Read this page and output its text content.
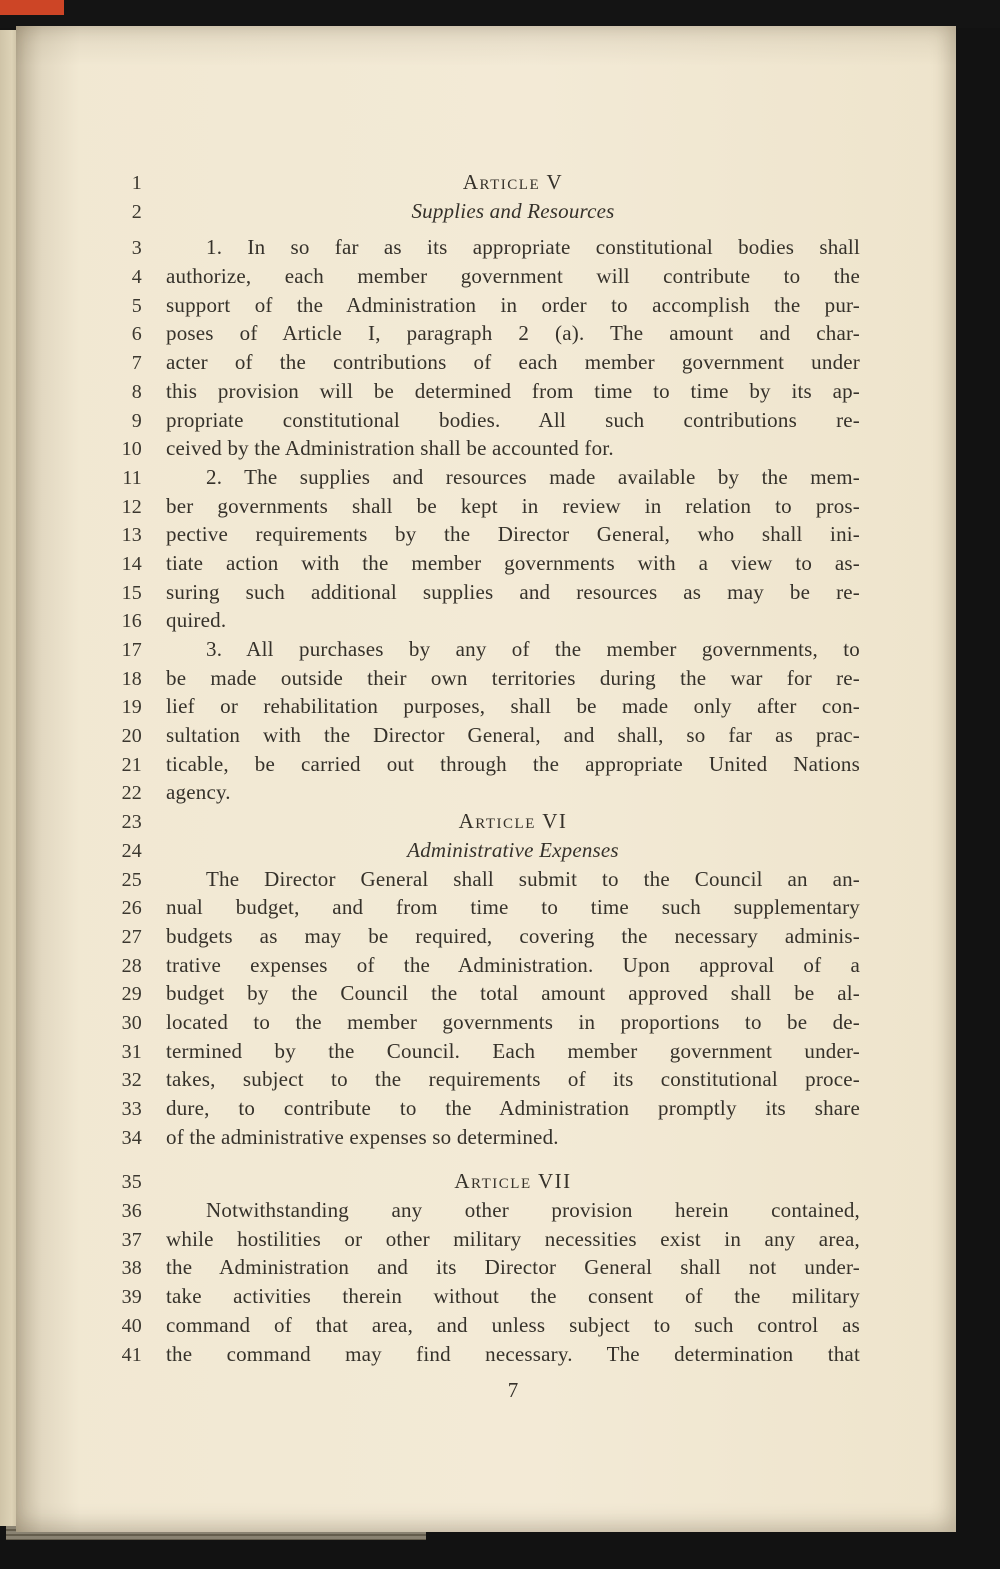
1	Article V
2	Supplies and Resources
3	1. In so far as its appropriate constitutional bodies shall
4 authorize, each member government will contribute to the
5 support of the Administration in order to accomplish the pur-
6 poses of Article I, paragraph 2 (a). The amount and char-
7 acter of the contributions of each member government under
8 this provision will be determined from time to time by its ap-
9 propriate constitutional bodies. All such contributions re-
10 ceived by the Administration shall be accounted for.
11	2. The supplies and resources made available by the mem-
12 ber governments shall be kept in review in relation to pros-
13 pective requirements by the Director General, who shall ini-
14 tiate action with the member governments with a view to as-
15 suring such additional supplies and resources as may be re-
16 quired.
17	3. All purchases by any of the member governments, to
18 be made outside their own territories during the war for re-
19 lief or rehabilitation purposes, shall be made only after con-
20 sultation with the Director General, and shall, so far as prac-
21 ticable, be carried out through the appropriate United Nations
22 agency.
23	Article VI
24	Administrative Expenses
25	The Director General shall submit to the Council an an-
26 nual budget, and from time to time such supplementary
27 budgets as may be required, covering the necessary adminis-
28 trative expenses of the Administration. Upon approval of a
29 budget by the Council the total amount approved shall be al-
30 located to the member governments in proportions to be de-
31 termined by the Council. Each member government under-
32 takes, subject to the requirements of its constitutional proce-
33 dure, to contribute to the Administration promptly its share
34 of the administrative expenses so determined.
35	Article VII
36	Notwithstanding any other provision herein contained,
37 while hostilities or other military necessities exist in any area,
38 the Administration and its Director General shall not under-
39 take activities therein without the consent of the military
40 command of that area, and unless subject to such control as
41 the command may find necessary. The determination that
7
